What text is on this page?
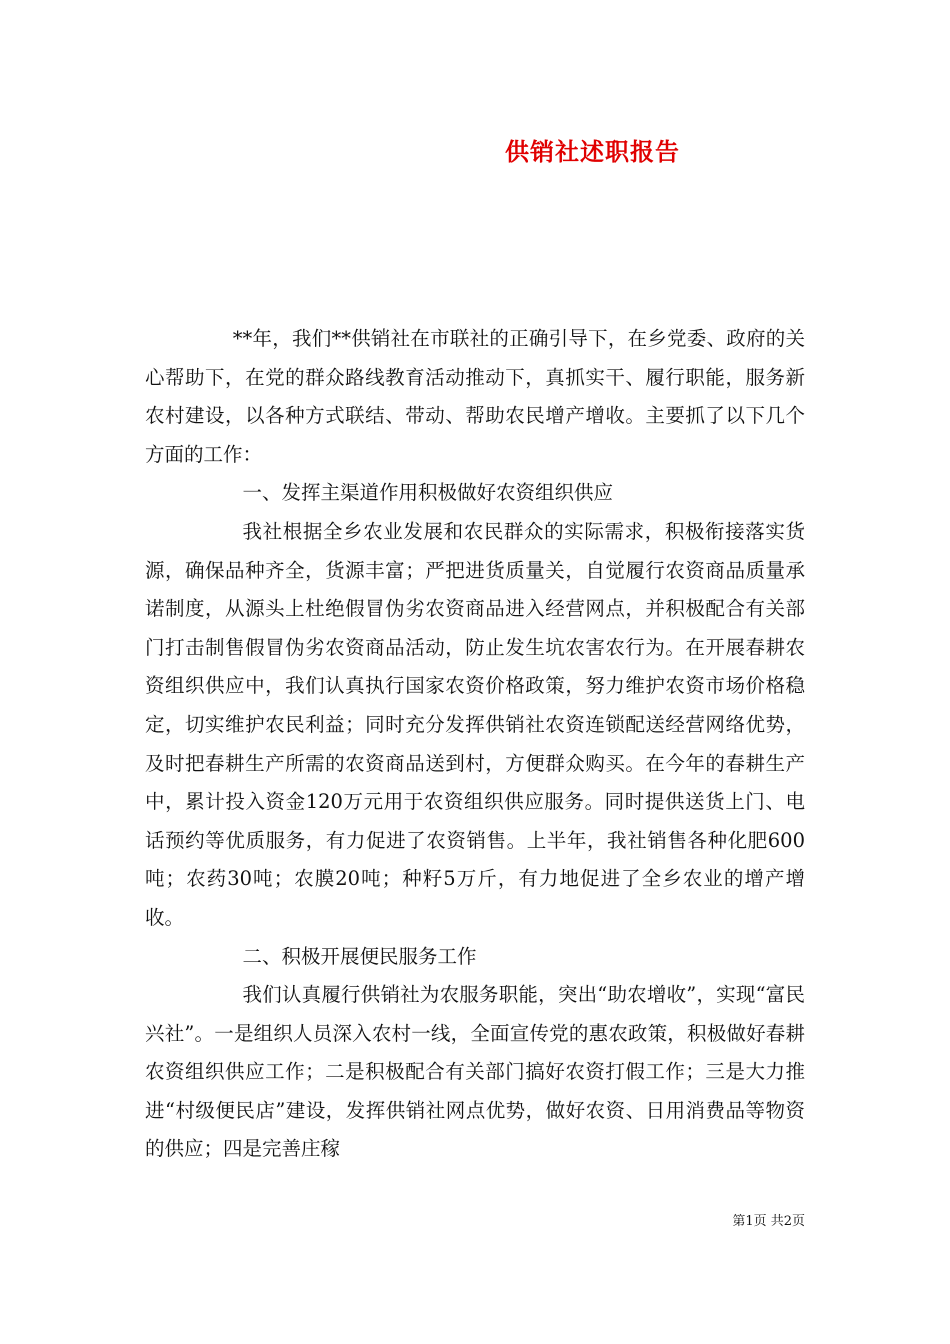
供销社述职报告

**年，我们**供销社在市联社的正确引导下，在乡党委、政府的关心帮助下，在党的群众路线教育活动推动下，真抓实干、履行职能，服务新农村建设，以各种方式联结、带动、帮助农民增产增收。主要抓了以下几个方面的工作：

一、发挥主渠道作用积极做好农资组织供应

我社根据全乡农业发展和农民群众的实际需求，积极衔接落实货源，确保品种齐全，货源丰富；严把进货质量关，自觉履行农资商品质量承诺制度，从源头上杜绝假冒伪劣农资商品进入经营网点，并积极配合有关部门打击制售假冒伪劣农资商品活动，防止发生坑农害农行为。在开展春耕农资组织供应中，我们认真执行国家农资价格政策，努力维护农资市场价格稳定，切实维护农民利益；同时充分发挥供销社农资连锁配送经营网络优势，及时把春耕生产所需的农资商品送到村，方便群众购买。在今年的春耕生产中，累计投入资金120万元用于农资组织供应服务。同时提供送货上门、电话预约等优质服务，有力促进了农资销售。上半年，我社销售各种化肥600吨；农药30吨；农膜20吨；种籽5万斤，有力地促进了全乡农业的增产增收。

二、积极开展便民服务工作

我们认真履行供销社为农服务职能，突出“助农增收”，实现“富民兴社”。一是组织人员深入农村一线，全面宣传党的惠农政策，积极做好春耕农资组织供应工作；二是积极配合有关部门搞好农资打假工作；三是大力推进“村级便民店”建设，发挥供销社网点优势，做好农资、日用消费品等物资的供应；四是完善庄稼

第1页 共2页
